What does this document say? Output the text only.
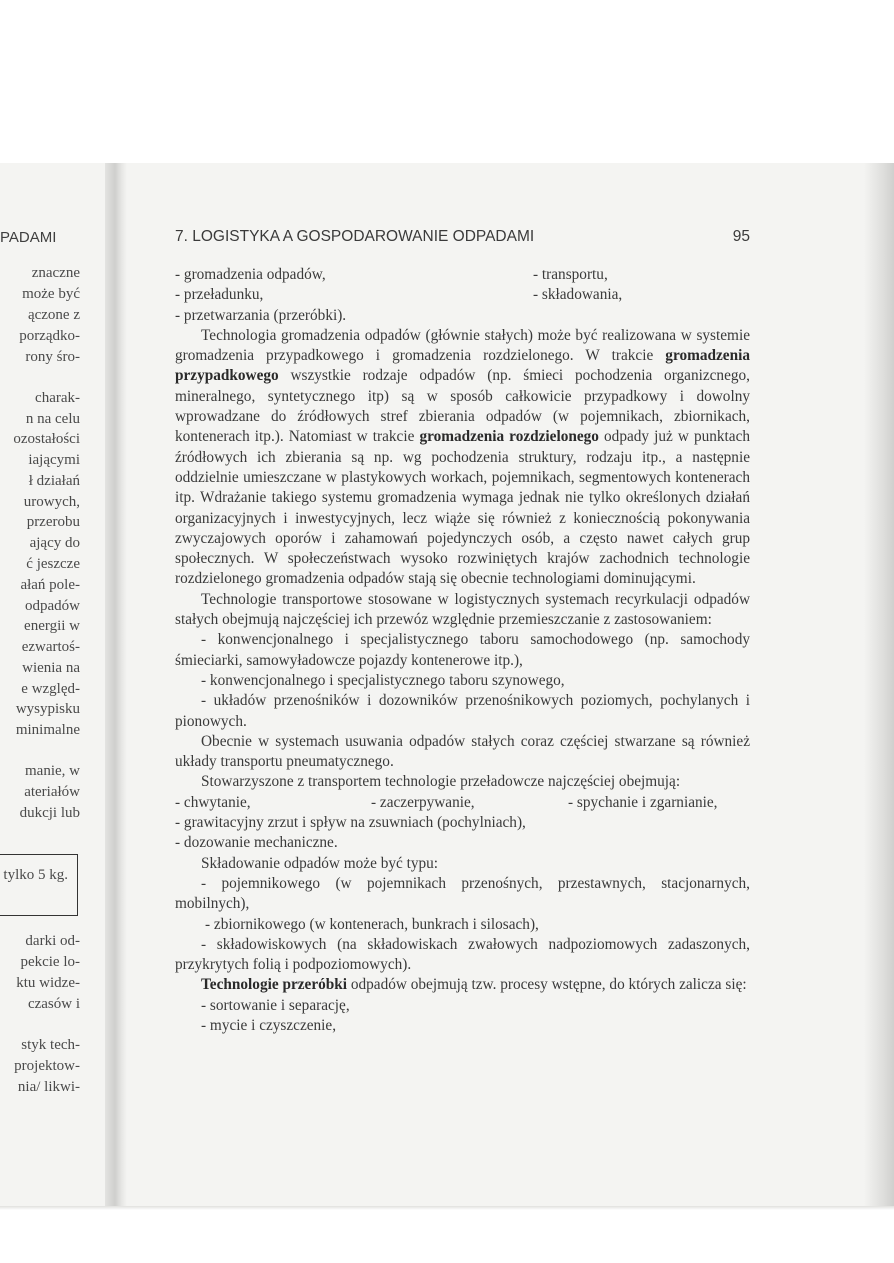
PADAMI
znaczne
może być
ączone z
porządko-
rony śro-
charak-
n na celu
ozostałości
iającymi
ł działań
urowych,
przerobu
ający do
ć jeszcze
ałań pole-
odpadów
energii w
ezwartoś-
wienia na
e względ-
wysypisku
minimalne
manie, w
ateriałów
dukcji lub
tylko 5 kg.
darki od-
pekcie lo-
ktu widze-
czasów i
styk tech-
projektow-
nia/ likwi-
7. LOGISTYKA A GOSPODAROWANIE ODPADAMI	95
- gromadzenia odpadów,	- transportu,
- przeładunku,	- składowania,
- przetwarzania (przeróbki).

Technologia gromadzenia odpadów (głównie stałych) może być realizowana w systemie gromadzenia przypadkowego i gromadzenia rozdzielonego. W trakcie gromadzenia przypadkowego wszystkie rodzaje odpadów (np. śmieci pochodzenia organizcnego, mineralnego, syntetycznego itp) są w sposób całkowicie przypadkowy i dowolny wprowadzane do źródłowych stref zbierania odpadów (w pojemnikach, zbiornikach, kontenerach itp.). Natomiast w trakcie gromadzenia rozdzielonego odpady już w punktach źródłowych ich zbierania są np. wg pochodzenia struktury, rodzaju itp., a następnie oddzielnie umieszczane w plastykowych workach, pojemnikach, segmentowych kontenerach itp. Wdrażanie takiego systemu gromadzenia wymaga jednak nie tylko określonych działań organizacyjnych i inwestycyjnych, lecz wiąże się również z koniecznością pokonywania zwyczajowych oporów i zahamowań pojedynczych osób, a często nawet całych grup społecznych. W społeczeństwach wysoko rozwiniętych krajów zachodnich technologie rozdzielonego gromadzenia odpadów stają się obecnie technologiami dominującymi.

Technologie transportowe stosowane w logistycznych systemach recyrkulacji odpadów stałych obejmują najczęściej ich przewóz względnie przemieszczanie z zastosowaniem:

- konwencjonalnego i specjalistycznego taboru samochodowego (np. samochody śmieciarki, samowyładowcze pojazdy kontenerowe itp.),

- konwencjonalnego i specjalistycznego taboru szynowego,

- układów przenośników i dozowników przenośnikowych poziomych, pochylanych i pionowych.

Obecnie w systemach usuwania odpadów stałych coraz częściej stwarzane są również układy transportu pneumatycznego.

Stowarzyszone z transportem technologie przeładowcze najczęściej obejmują:

- chwytanie,	- zaczerpywanie,	- spychanie i zgarnianie,
- grawitacyjny zrzut i spływ na zsuwniach (pochylniach),
- dozowanie mechaniczne.

Składowanie odpadów może być typu:

- pojemnikowego (w pojemnikach przenośnych, przestawnych, stacjonarnych, mobilnych),

- zbiornikowego (w kontenerach, bunkrach i silosach),

- składowiskowych (na składowiskach zwałowych nadpoziomowych zadaszonych, przykrytych folią i podpoziomowych).

Technologie przeróbki odpadów obejmują tzw. procesy wstępne, do których zalicza się:

- sortowanie i separację,

- mycie i czyszczenie,
